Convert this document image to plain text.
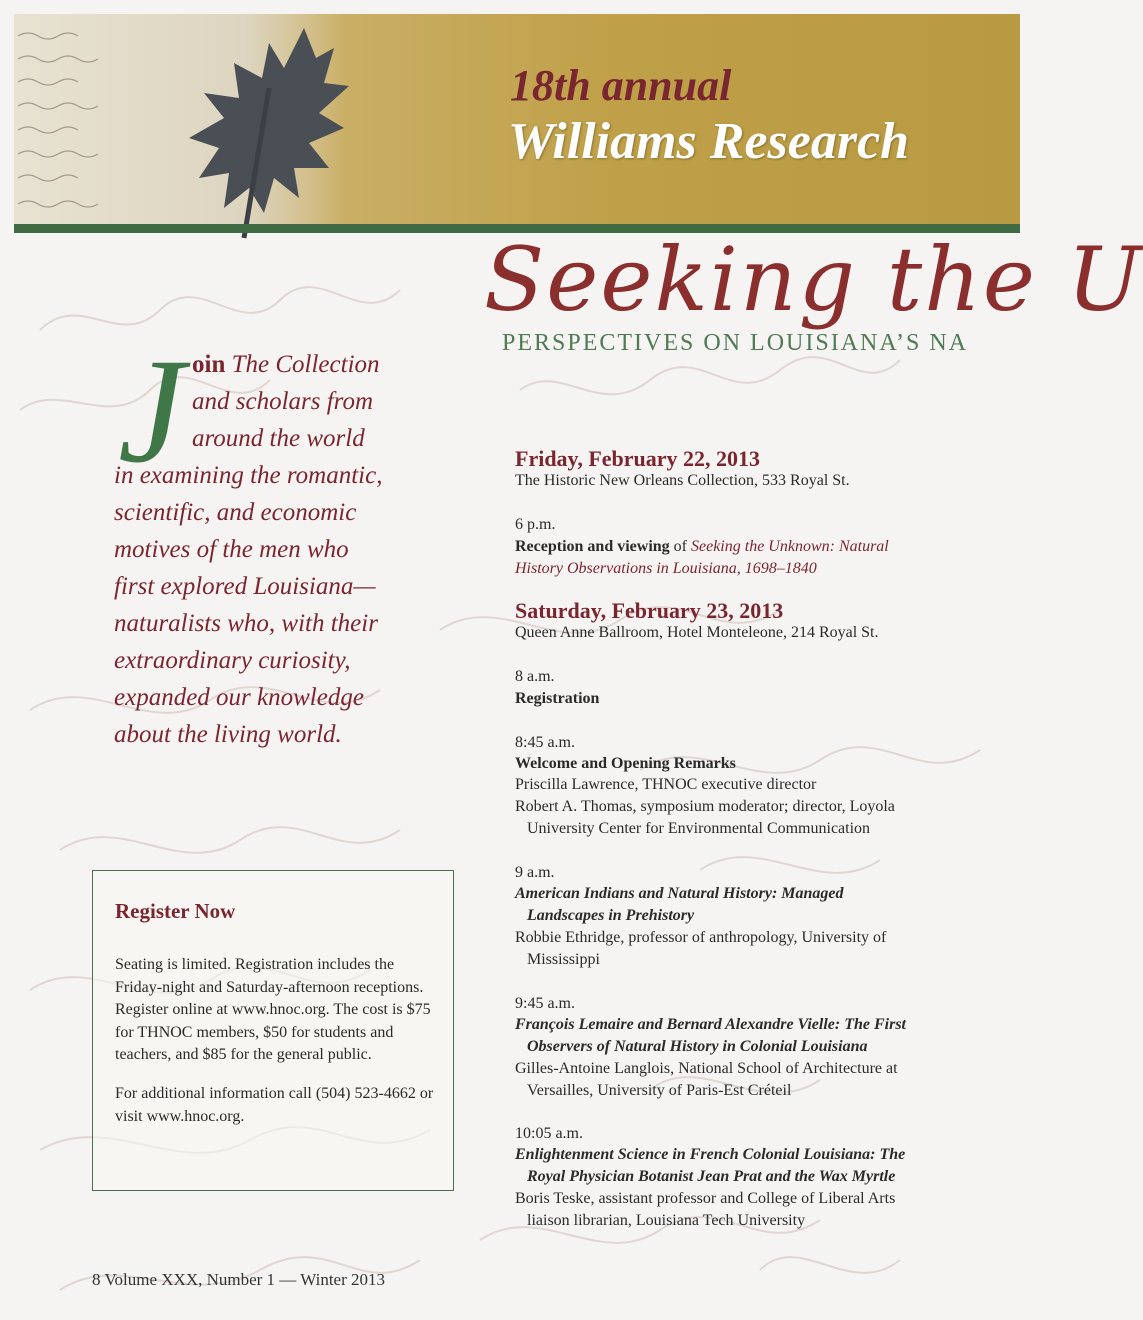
18th annual
Williams Research
Seeking the U
PERSPECTIVES ON LOUISIANA’S NA
J oin The Collection
and scholars from
around the world
in examining the romantic,
scientific, and economic
motives of the men who
first explored Louisiana—
naturalists who, with their
extraordinary curiosity,
expanded our knowledge
about the living world.
Register Now

Seating is limited. Registration includes the Friday-night and Saturday-afternoon receptions. Register online at www.hnoc.org. The cost is $75 for THNOC members, $50 for students and teachers, and $85 for the general public.

For additional information call (504) 523-4662 or visit www.hnoc.org.

8 Volume XXX, Number 1 — Winter 2013
Friday, February 22, 2013
The Historic New Orleans Collection, 533 Royal St.
6 p.m.
Reception and viewing of Seeking the Unknown: Natural
History Observations in Louisiana, 1698–1840
Saturday, February 23, 2013
Queen Anne Ballroom, Hotel Monteleone, 214 Royal St.
8 a.m.
Registration
8:45 a.m.
Welcome and Opening Remarks
Priscilla Lawrence, THNOC executive director
Robert A. Thomas, symposium moderator; director, Loyola
University Center for Environmental Communication
9 a.m.
American Indians and Natural History: Managed
Landscapes in Prehistory
Robbie Ethridge, professor of anthropology, University of
Mississippi
9:45 a.m.
François Lemaire and Bernard Alexandre Vielle: The First
Observers of Natural History in Colonial Louisiana
Gilles-Antoine Langlois, National School of Architecture at
Versailles, University of Paris-Est Créteil
10:05 a.m.
Enlightenment Science in French Colonial Louisiana: The
Royal Physician Botanist Jean Prat and the Wax Myrtle
Boris Teske, assistant professor and College of Liberal Arts
liaison librarian, Louisiana Tech University
